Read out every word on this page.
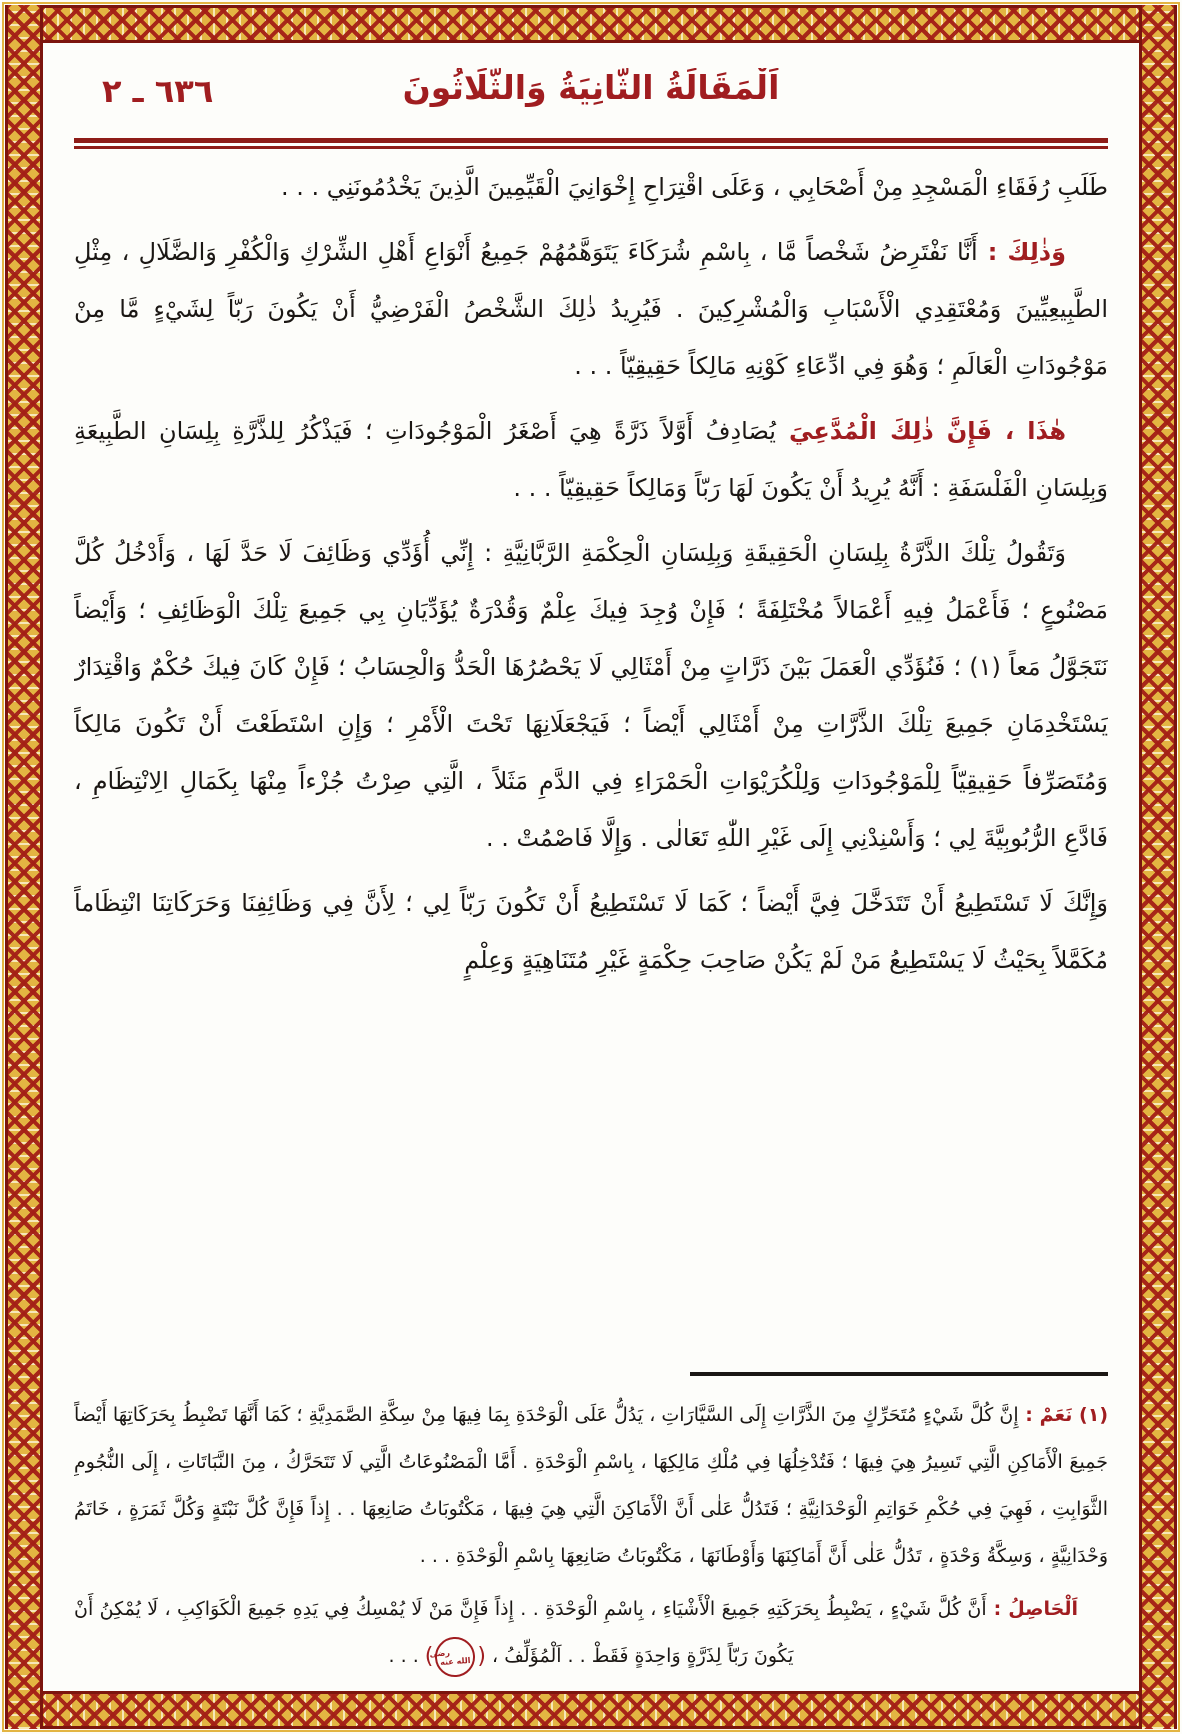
اَلْمَقَالَةُ الثَّانِيَةُ وَالثَّلَاثُونَ
٦٣٦ ـ ٢

طَلَبِ رُفَقَاءِ الْمَسْجِدِ مِنْ أَصْحَابِي ، وَعَلَى اقْتِرَاحِ إِخْوَانِيَ الْقَيِّمِينَ الَّذِينَ يَخْدُمُونَنِي . . .

وَذٰلِكَ : أَنَّا نَفْتَرِضُ شَخْصاً مَّا ، بِاسْمِ شُرَكَاءَ يَتَوَهَّمُهُمْ جَمِيعُ أَنْوَاعِ أَهْلِ الشِّرْكِ وَالْكُفْرِ وَالضَّلَالِ ، مِثْلِ الطَّبِيعِيِّينَ وَمُعْتَقِدِي الْأَسْبَابِ وَالْمُشْرِكِينَ . فَيُرِيدُ ذٰلِكَ الشَّخْصُ الْفَرْضِيُّ أَنْ يَكُونَ رَبّاً لِشَيْءٍ مَّا مِنْ مَوْجُودَاتِ الْعَالَمِ ؛ وَهُوَ فِي ادِّعَاءِ كَوْنِهِ مَالِكاً حَقِيقِيّاً . . .

هٰذَا ، فَإِنَّ ذٰلِكَ الْمُدَّعِيَ يُصَادِفُ أَوَّلاً ذَرَّةً هِيَ أَصْغَرُ الْمَوْجُودَاتِ ؛ فَيَذْكُرُ لِلذَّرَّةِ بِلِسَانِ الطَّبِيعَةِ وَبِلِسَانِ الْفَلْسَفَةِ : أَنَّهُ يُرِيدُ أَنْ يَكُونَ لَهَا رَبّاً وَمَالِكاً حَقِيقِيّاً . . .

وَتَقُولُ تِلْكَ الذَّرَّةُ بِلِسَانِ الْحَقِيقَةِ وَبِلِسَانِ الْحِكْمَةِ الرَّبَّانِيَّةِ : إِنِّي أُؤَدِّي وَظَائِفَ لَا حَدَّ لَهَا ، وَأَدْخُلُ كُلَّ مَصْنُوعٍ ؛ فَأَعْمَلُ فِيهِ أَعْمَالاً مُخْتَلِفَةً ؛ فَإِنْ وُجِدَ فِيكَ عِلْمٌ وَقُدْرَةٌ يُؤَدِّيَانِ بِي جَمِيعَ تِلْكَ الْوَظَائِفِ ؛ وَأَيْضاً نَتَجَوَّلُ مَعاً (١) ؛ فَنُؤَدِّي الْعَمَلَ بَيْنَ ذَرَّاتٍ مِنْ أَمْثَالِي لَا يَحْصُرُهَا الْحَدُّ وَالْحِسَابُ ؛ فَإِنْ كَانَ فِيكَ حُكْمٌ وَاقْتِدَارٌ يَسْتَخْدِمَانِ جَمِيعَ تِلْكَ الذَّرَّاتِ مِنْ أَمْثَالِي أَيْضاً ؛ فَيَجْعَلَانِهَا تَحْتَ الْأَمْرِ ؛ وَإِنِ اسْتَطَعْتَ أَنْ تَكُونَ مَالِكاً وَمُتَصَرِّفاً حَقِيقِيّاً لِلْمَوْجُودَاتِ وَلِلْكُرَيْوَاتِ الْحَمْرَاءِ فِي الدَّمِ مَثَلاً ، الَّتِي صِرْتُ جُزْءاً مِنْهَا بِكَمَالِ الِانْتِظَامِ ، فَادَّعِ الرُّبُوبِيَّةَ لِي ؛ وَأَسْنِدْنِي إِلَى غَيْرِ اللّٰهِ تَعَالٰى . وَإِلَّا فَاصْمُتْ . .

وَإِنَّكَ لَا تَسْتَطِيعُ أَنْ تَتَدَخَّلَ فِيَّ أَيْضاً ؛ كَمَا لَا تَسْتَطِيعُ أَنْ تَكُونَ رَبّاً لِي ؛ لِأَنَّ فِي وَظَائِفِنَا وَحَرَكَاتِنَا انْتِظَاماً مُكَمَّلاً بِحَيْثُ لَا يَسْتَطِيعُ مَنْ لَمْ يَكُنْ صَاحِبَ حِكْمَةٍ غَيْرِ مُتَنَاهِيَةٍ وَعِلْمٍ

(١) نَعَمْ : إِنَّ كُلَّ شَيْءٍ مُتَحَرِّكٍ مِنَ الذَّرَّاتِ إِلَى السَّيَّارَاتِ ، يَدُلُّ عَلَى الْوَحْدَةِ بِمَا فِيهَا مِنْ سِكَّةِ الصَّمَدِيَّةِ ؛ كَمَا أَنَّهَا تَضْبِطُ بِحَرَكَاتِهَا أَيْضاً جَمِيعَ الْأَمَاكِنِ الَّتِي تَسِيرُ هِيَ فِيهَا ؛ فَتُدْخِلُهَا فِي مُلْكِ مَالِكِهَا ، بِاسْمِ الْوَحْدَةِ . أَمَّا الْمَصْنُوعَاتُ الَّتِي لَا تَتَحَرَّكُ ، مِنَ النَّبَاتَاتِ ، إِلَى النُّجُومِ الثَّوَابِتِ ، فَهِيَ فِي حُكْمِ خَوَاتِمِ الْوَحْدَانِيَّةِ ؛ فَتَدُلُّ عَلٰى أَنَّ الْأَمَاكِنَ الَّتِي هِيَ فِيهَا ، مَكْتُوبَاتُ صَانِعِهَا . . إِذاً فَإِنَّ كُلَّ نَبْتَةٍ وَكُلَّ ثَمَرَةٍ ، خَاتَمُ وَحْدَانِيَّةٍ ، وَسِكَّةُ وَحْدَةٍ ، تَدُلُّ عَلٰى أَنَّ أَمَاكِنَهَا وَأَوْطَانَهَا ، مَكْتُوبَاتُ صَانِعِهَا بِاسْمِ الْوَحْدَةِ . . .

اَلْحَاصِلُ : أَنَّ كُلَّ شَيْءٍ ، يَضْبِطُ بِحَرَكَتِهِ جَمِيعَ الْأَشْيَاءِ ، بِاسْمِ الْوَحْدَةِ . . إِذاً فَإِنَّ مَنْ لَا يُمْسِكُ فِي يَدِهِ جَمِيعَ الْكَوَاكِبِ ، لَا يُمْكِنُ أَنْ يَكُونَ رَبّاً لِذَرَّةٍ وَاحِدَةٍ فَقَطْ . . اَلْمُؤَلِّفُ ، (رضى الله عنه) . . .
